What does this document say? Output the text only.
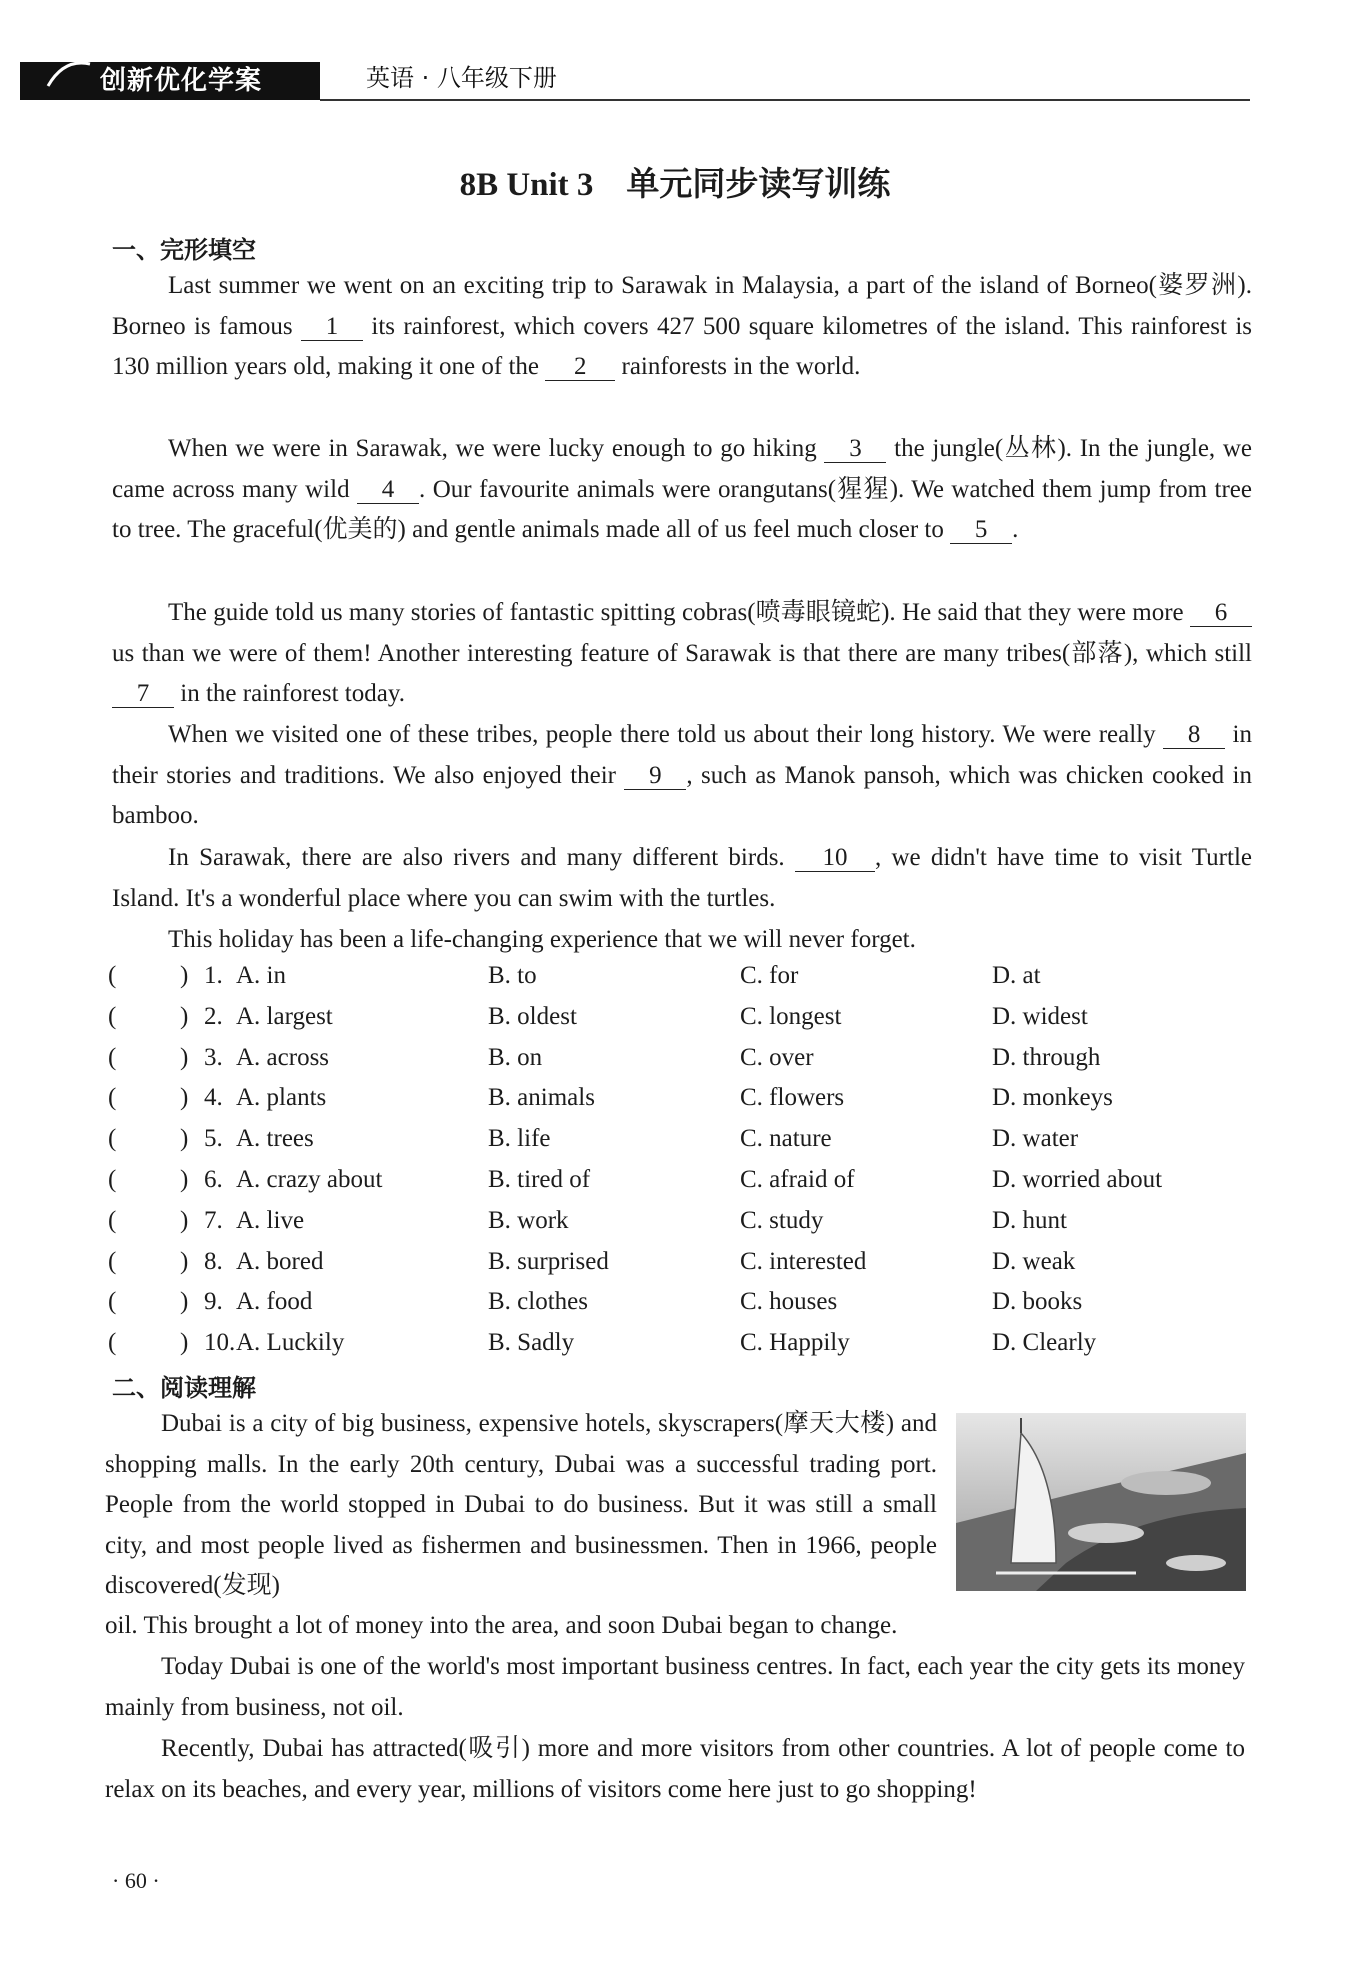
创新优化学案	英语 · 八年级下册
8B Unit 3　单元同步读写训练
一、完形填空
Last summer we went on an exciting trip to Sarawak in Malaysia, a part of the island of Borneo(婆罗洲). Borneo is famous 1 its rainforest, which covers 427 500 square kilometres of the island. This rainforest is 130 million years old, making it one of the 2 rainforests in the world.
When we were in Sarawak, we were lucky enough to go hiking 3 the jungle(丛林). In the jungle, we came across many wild 4 . Our favourite animals were orangutans(猩猩). We watched them jump from tree to tree. The graceful(优美的) and gentle animals made all of us feel much closer to 5 .
The guide told us many stories of fantastic spitting cobras(喷毒眼镜蛇). He said that they were more 6 us than we were of them! Another interesting feature of Sarawak is that there are many tribes(部落), which still 7 in the rainforest today.
When we visited one of these tribes, people there told us about their long history. We were really 8 in their stories and traditions. We also enjoyed their 9 , such as Manok pansoh, which was chicken cooked in bamboo.
In Sarawak, there are also rivers and many different birds. 10 , we didn't have time to visit Turtle Island. It's a wonderful place where you can swim with the turtles.
This holiday has been a life-changing experience that we will never forget.
(	) 1. A. in	B. to	C. for	D. at
(	) 2. A. largest	B. oldest	C. longest	D. widest
(	) 3. A. across	B. on	C. over	D. through
(	) 4. A. plants	B. animals	C. flowers	D. monkeys
(	) 5. A. trees	B. life	C. nature	D. water
(	) 6. A. crazy about	B. tired of	C. afraid of	D. worried about
(	) 7. A. live	B. work	C. study	D. hunt
(	) 8. A. bored	B. surprised	C. interested	D. weak
(	) 9. A. food	B. clothes	C. houses	D. books
(	) 10. A. Luckily	B. Sadly	C. Happily	D. Clearly
二、阅读理解
Dubai is a city of big business, expensive hotels, skyscrapers(摩天大楼) and shopping malls. In the early 20th century, Dubai was a successful trading port. People from the world stopped in Dubai to do business. But it was still a small city, and most people lived as fishermen and businessmen. Then in 1966, people discovered(发现)
oil. This brought a lot of money into the area, and soon Dubai began to change.
Today Dubai is one of the world's most important business centres. In fact, each year the city gets its money mainly from business, not oil.
Recently, Dubai has attracted(吸引) more and more visitors from other countries. A lot of people come to relax on its beaches, and every year, millions of visitors come here just to go shopping!
· 60 ·
